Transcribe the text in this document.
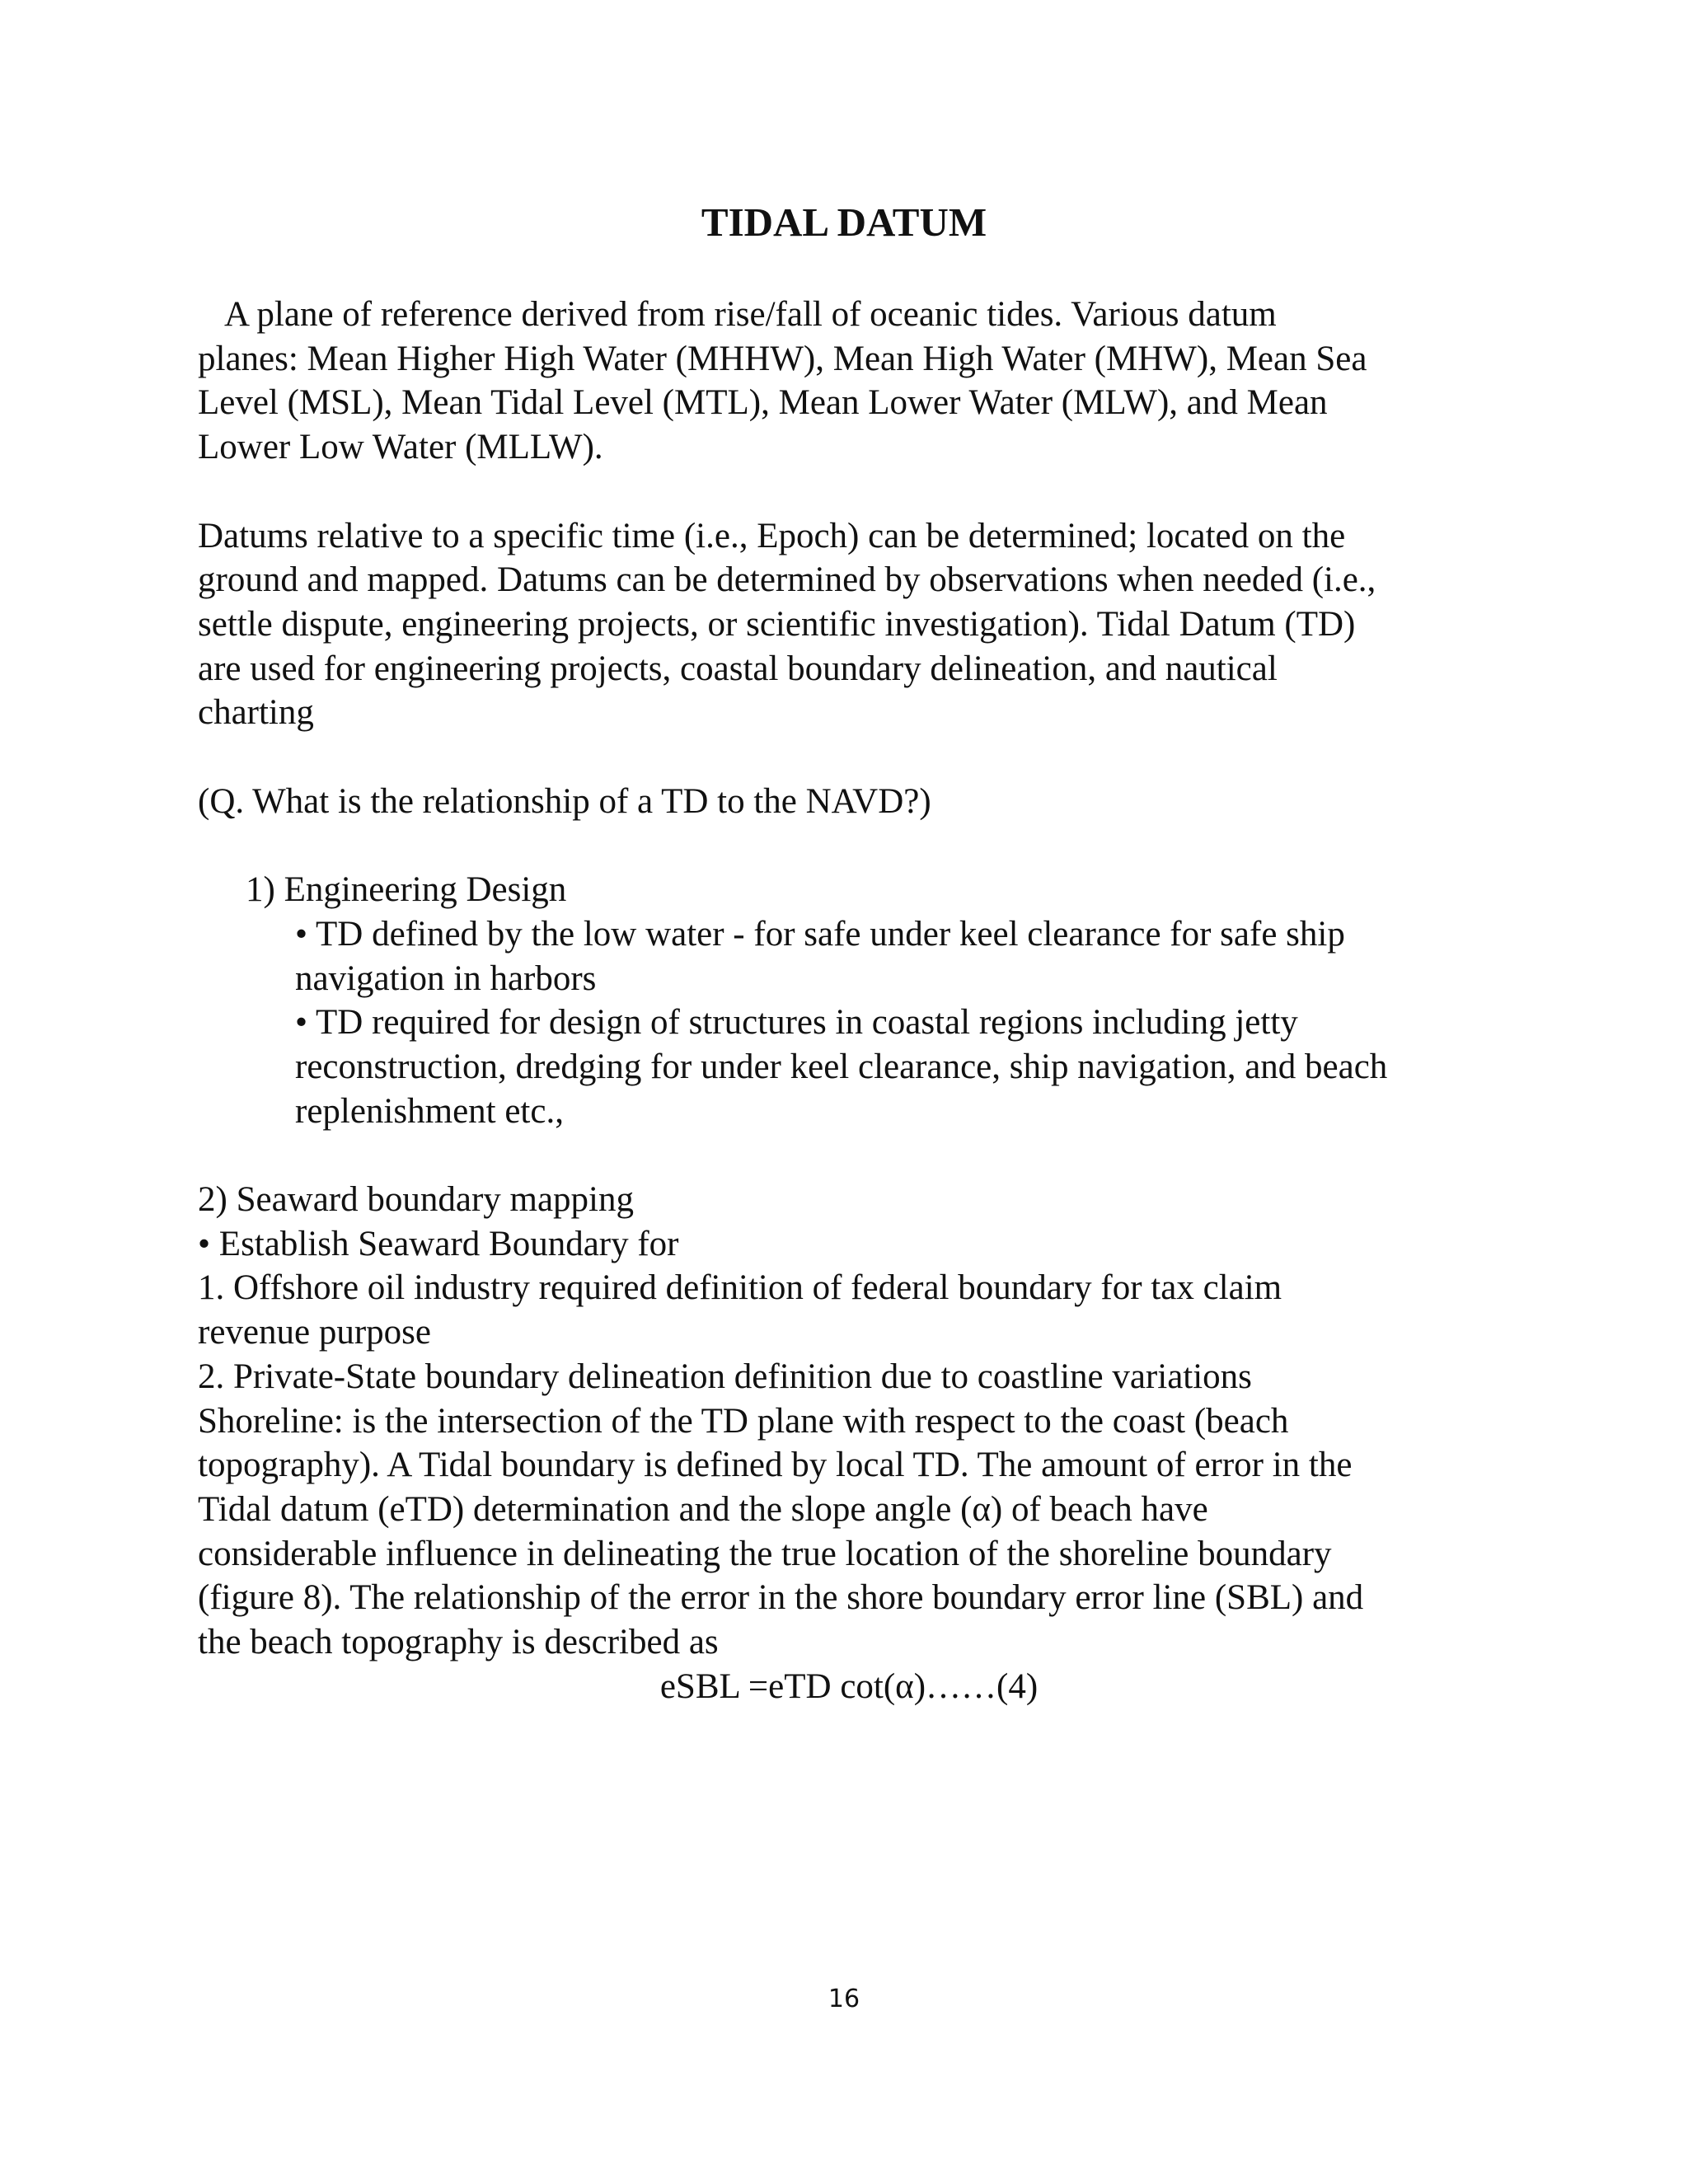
TIDAL DATUM

A plane of reference derived from rise/fall of oceanic tides. Various datum

planes: Mean Higher High Water (MHHW), Mean High Water (MHW), Mean Sea

Level (MSL), Mean Tidal Level (MTL), Mean Lower Water (MLW), and Mean

Lower Low Water (MLLW).

Datums relative to a specific time (i.e., Epoch) can be determined; located on the

ground and mapped. Datums can be determined by observations when needed (i.e.,

settle dispute, engineering projects, or scientific investigation). Tidal Datum (TD)

are used for engineering projects, coastal boundary delineation, and nautical

charting

(Q. What is the relationship of a TD to the NAVD?)

1) Engineering Design

• TD defined by the low water - for safe under keel clearance for safe ship

navigation in harbors

• TD required for design of structures in coastal regions including jetty

reconstruction, dredging for under keel clearance, ship navigation, and beach

replenishment etc.,

2) Seaward boundary mapping

• Establish Seaward Boundary for

1. Offshore oil industry required definition of federal boundary for tax claim

revenue purpose

2. Private-State boundary delineation definition due to coastline variations

Shoreline: is the intersection of the TD plane with respect to the coast (beach

topography). A Tidal boundary is defined by local TD. The amount of error in the

Tidal datum (eTD) determination and the slope angle (α) of beach have

considerable influence in delineating the true location of the shoreline boundary

(figure 8). The relationship of the error in the shore boundary error line (SBL) and

the beach topography is described as

eSBL =eTD cot(α)……(4)

16
